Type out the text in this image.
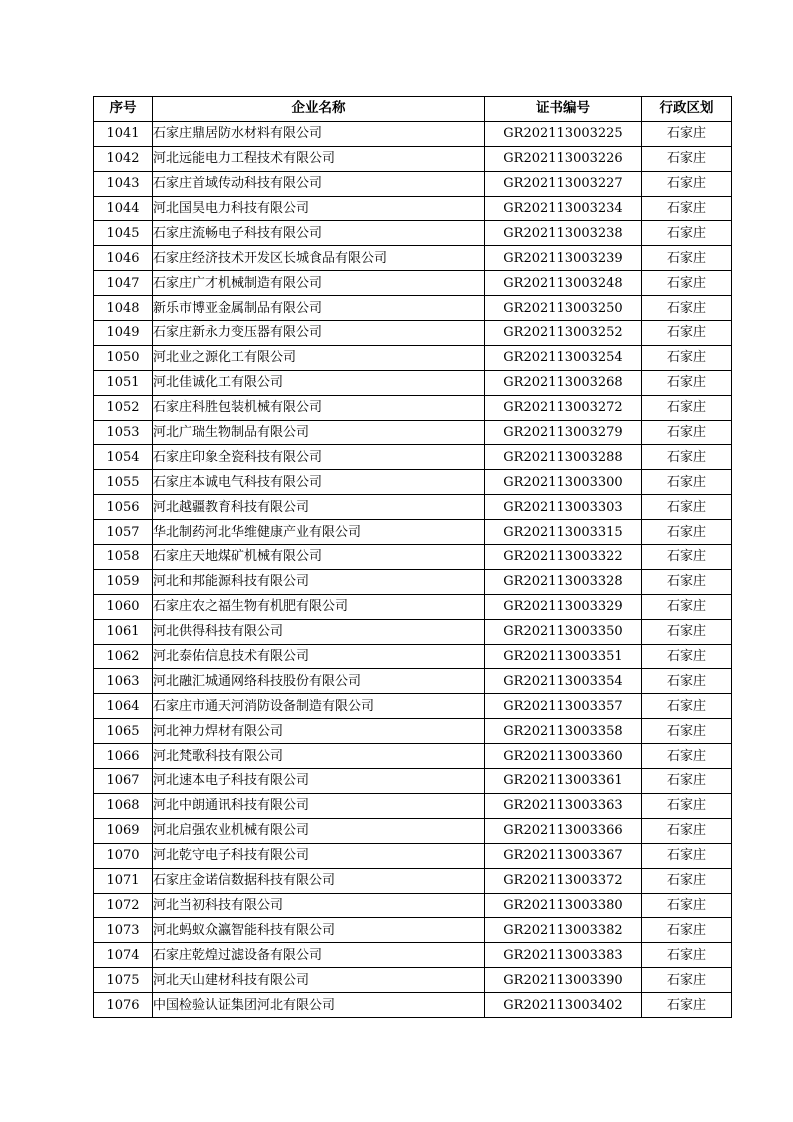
序号	企业名称	证书编号	行政区划
1041	石家庄鼎居防水材料有限公司	GR202113003225	石家庄
1042	河北远能电力工程技术有限公司	GR202113003226	石家庄
1043	石家庄首域传动科技有限公司	GR202113003227	石家庄
1044	河北国昊电力科技有限公司	GR202113003234	石家庄
1045	石家庄流畅电子科技有限公司	GR202113003238	石家庄
1046	石家庄经济技术开发区长城食品有限公司	GR202113003239	石家庄
1047	石家庄广才机械制造有限公司	GR202113003248	石家庄
1048	新乐市博亚金属制品有限公司	GR202113003250	石家庄
1049	石家庄新永力变压器有限公司	GR202113003252	石家庄
1050	河北业之源化工有限公司	GR202113003254	石家庄
1051	河北佳诚化工有限公司	GR202113003268	石家庄
1052	石家庄科胜包装机械有限公司	GR202113003272	石家庄
1053	河北广瑞生物制品有限公司	GR202113003279	石家庄
1054	石家庄印象全瓷科技有限公司	GR202113003288	石家庄
1055	石家庄本诚电气科技有限公司	GR202113003300	石家庄
1056	河北越疆教育科技有限公司	GR202113003303	石家庄
1057	华北制药河北华维健康产业有限公司	GR202113003315	石家庄
1058	石家庄天地煤矿机械有限公司	GR202113003322	石家庄
1059	河北和邦能源科技有限公司	GR202113003328	石家庄
1060	石家庄农之福生物有机肥有限公司	GR202113003329	石家庄
1061	河北供得科技有限公司	GR202113003350	石家庄
1062	河北泰佑信息技术有限公司	GR202113003351	石家庄
1063	河北融汇城通网络科技股份有限公司	GR202113003354	石家庄
1064	石家庄市通天河消防设备制造有限公司	GR202113003357	石家庄
1065	河北神力焊材有限公司	GR202113003358	石家庄
1066	河北梵歌科技有限公司	GR202113003360	石家庄
1067	河北速本电子科技有限公司	GR202113003361	石家庄
1068	河北中朗通讯科技有限公司	GR202113003363	石家庄
1069	河北启强农业机械有限公司	GR202113003366	石家庄
1070	河北乾守电子科技有限公司	GR202113003367	石家庄
1071	石家庄金诺信数据科技有限公司	GR202113003372	石家庄
1072	河北当初科技有限公司	GR202113003380	石家庄
1073	河北蚂蚁众瀛智能科技有限公司	GR202113003382	石家庄
1074	石家庄乾煌过滤设备有限公司	GR202113003383	石家庄
1075	河北天山建材科技有限公司	GR202113003390	石家庄
1076	中国检验认证集团河北有限公司	GR202113003402	石家庄
